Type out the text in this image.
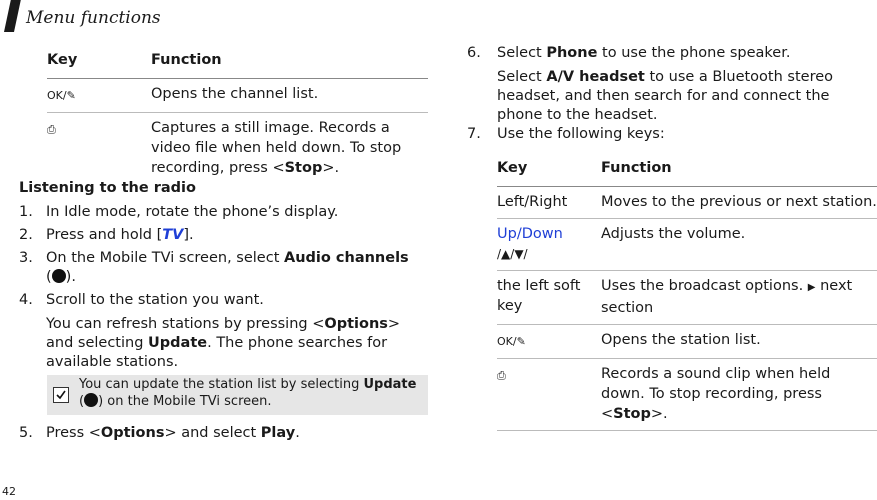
Menu functions
42
Key	Function
OK/✎	Opens the channel list.
⎙	Captures a still image. Records a video file when held down. To stop recording, press <Stop>.
Listening to the radio
1. In Idle mode, rotate the phone’s display.
2. Press and hold [TV].
3. On the Mobile TVi screen, select Audio channels
( ).
4. Scroll to the station you want.
You can refresh stations by pressing <Options> and selecting Update. The phone searches for available stations.
You can update the station list by selecting Update ( ) on the Mobile TVi screen.
5. Press <Options> and select Play.
6. Select Phone to use the phone speaker.
Select A/V headset to use a Bluetooth stereo headset, and then search for and connect the phone to the headset.
7. Use the following keys:
Key	Function
Left/Right	Moves to the previous or next station.
Up/Down
/▲/▼/	Adjusts the volume.
the left soft key	Uses the broadcast options. ▶ next section
OK/✎	Opens the station list.
⎙	Records a sound clip when held down. To stop recording, press <Stop>.
